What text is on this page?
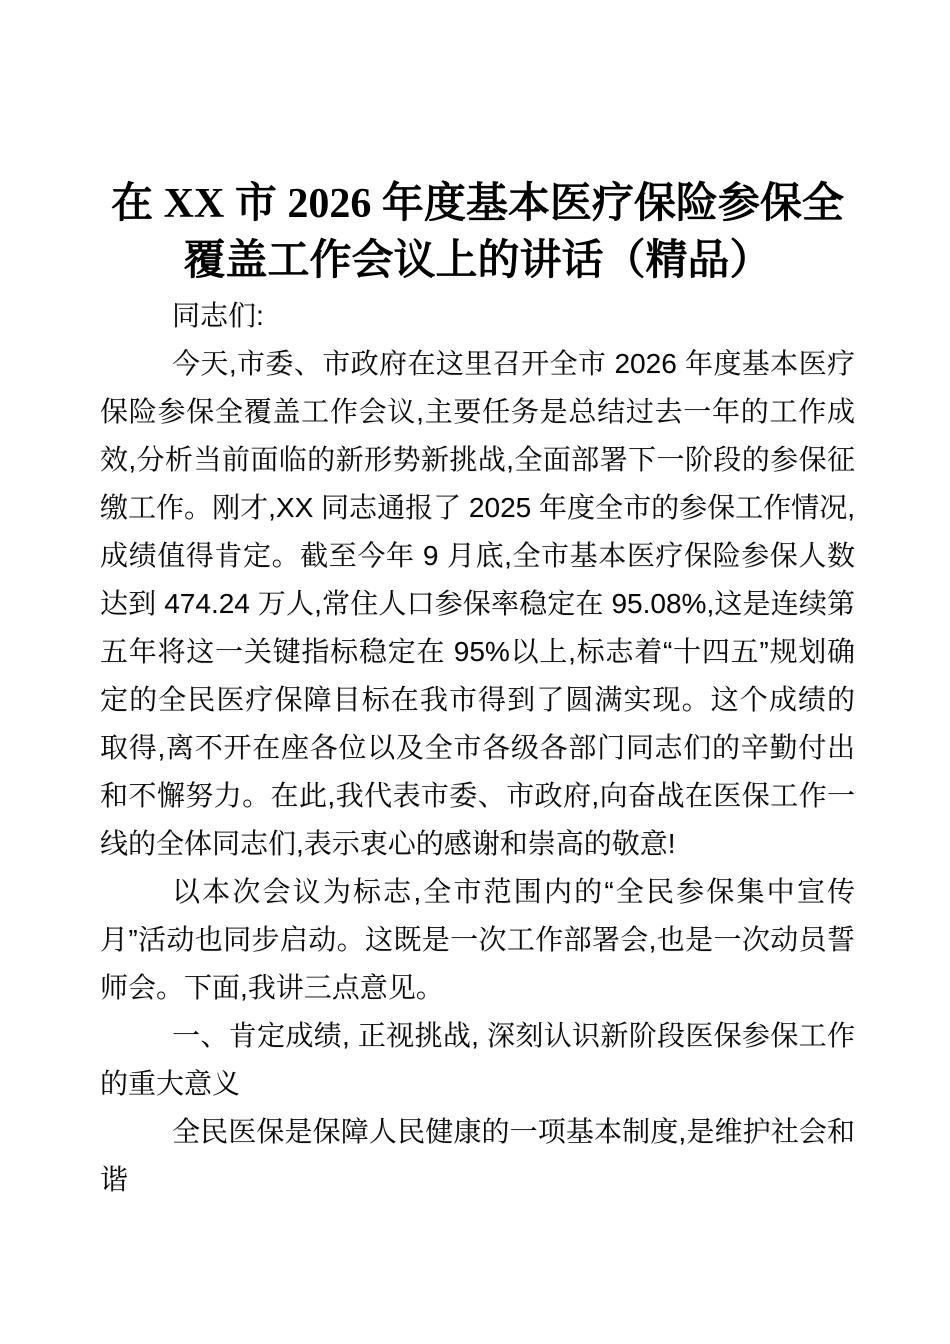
在 XX 市 2026 年度基本医疗保险参保全覆盖工作会议上的讲话（精品）

同志们:

今天,市委、市政府在这里召开全市 2026 年度基本医疗保险参保全覆盖工作会议,主要任务是总结过去一年的工作成效,分析当前面临的新形势新挑战,全面部署下一阶段的参保征缴工作。刚才,XX 同志通报了 2025 年度全市的参保工作情况,成绩值得肯定。截至今年 9 月底,全市基本医疗保险参保人数达到 474.24 万人,常住人口参保率稳定在 95.08%,这是连续第五年将这一关键指标稳定在 95%以上,标志着“十四五”规划确定的全民医疗保障目标在我市得到了圆满实现。这个成绩的取得,离不开在座各位以及全市各级各部门同志们的辛勤付出和不懈努力。在此,我代表市委、市政府,向奋战在医保工作一线的全体同志们,表示衷心的感谢和崇高的敬意!

以本次会议为标志,全市范围内的“全民参保集中宣传月”活动也同步启动。这既是一次工作部署会,也是一次动员誓师会。下面,我讲三点意见。

一、肯定成绩, 正视挑战, 深刻认识新阶段医保参保工作的重大意义

全民医保是保障人民健康的一项基本制度,是维护社会和谐
